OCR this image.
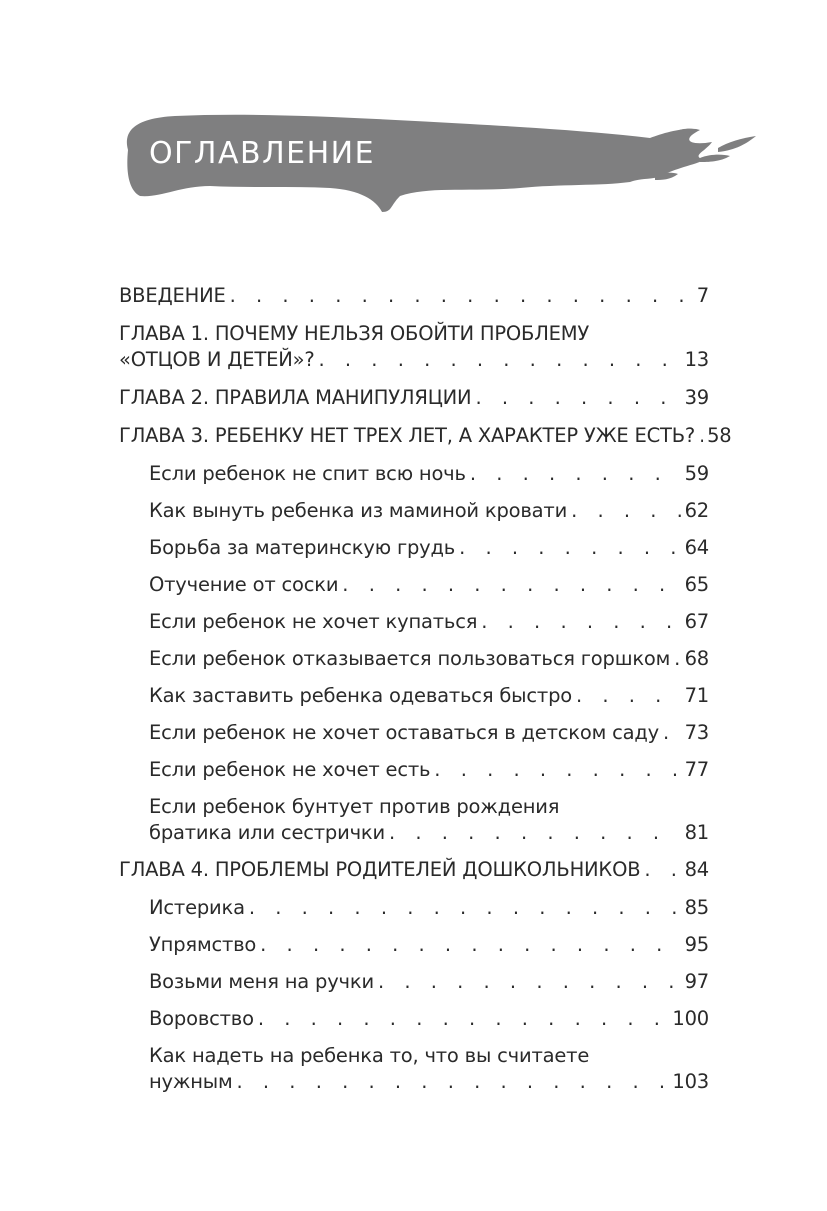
ОГЛАВЛЕНИЕ
ВВЕДЕНИЕ . . .	7
ГЛАВА 1. ПОЧЕМУ НЕЛЬЗЯ ОБОЙТИ ПРОБЛЕМУ
«ОТЦОВ И ДЕТЕЙ»? . . .	13
ГЛАВА 2. ПРАВИЛА МАНИПУЛЯЦИИ . . .	39
ГЛАВА 3. РЕБЕНКУ НЕТ ТРЕХ ЛЕТ, А ХАРАКТЕР УЖЕ ЕСТЬ? . . . 58
Если ребенок не спит всю ночь . . .	59
Как вынуть ребенка из маминой кровати . . .	62
Борьба за материнскую грудь . . .	64
Отучение от соски . . .	65
Если ребенок не хочет купаться . . .	67
Если ребенок отказывается пользоваться горшком . . . 68
Как заставить ребенка одеваться быстро . . .	71
Если ребенок не хочет оставаться в детском саду . . . 73
Если ребенок не хочет есть . . .	77
Если ребенок бунтует против рождения
братика или сестрички . . .	81
ГЛАВА 4. ПРОБЛЕМЫ РОДИТЕЛЕЙ ДОШКОЛЬНИКОВ . . . 84
Истерика . . .	85
Упрямство . . .	95
Возьми меня на ручки . . .	97
Воровство . . .	100
Как надеть на ребенка то, что вы считаете
нужным . . .	103
